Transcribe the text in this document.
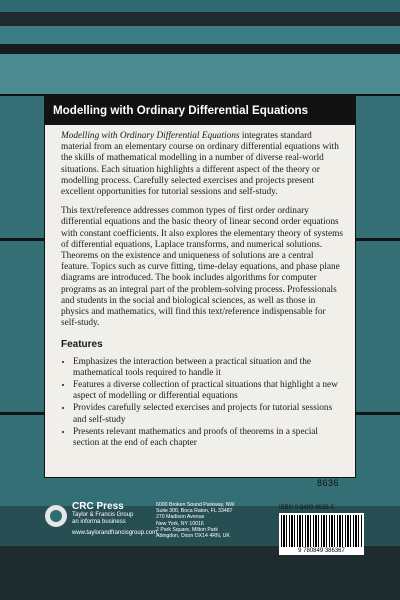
Modelling with Ordinary Differential Equations

Modelling with Ordinary Differential Equations integrates standard material from an elementary course on ordinary differential equations with the skills of mathematical modelling in a number of diverse real-world situations. Each situation highlights a different aspect of the theory or modelling process. Carefully selected exercises and projects present excellent opportunities for tutorial sessions and self-study.

This text/reference addresses common types of first order ordinary differential equations and the basic theory of linear second order equations with constant coefficients. It also explores the elementary theory of systems of differential equations, Laplace transforms, and numerical solutions. Theorems on the existence and uniqueness of solutions are a central feature. Topics such as curve fitting, time-delay equations, and phase plane diagrams are introduced. The book includes algorithms for computer programs as an integral part of the problem-solving process. Professionals and students in the social and biological sciences, as well as those in physics and mathematics, will find this text/reference indispensable for self-study.

Features
• Emphasizes the interaction between a practical situation and the mathematical tools required to handle it
• Features a diverse collection of practical situations that highlight a new aspect of modelling or differential equations
• Provides carefully selected exercises and projects for tutorial sessions and self-study
• Presents relevant mathematics and proofs of theorems in a special section at the end of each chapter
8636
CRC Press
Taylor & Francis Group
an informa business
www.taylorandfrancisgroup.com
6000 Broken Sound Parkway, NW
Suite 300, Boca Raton, FL 33487
270 Madison Avenue
New York, NY 10016
2 Park Square, Milton Park
Abingdon, Oxon OX14 4RN, UK
ISBN 0-8493-8636-5
9 780849 386367
